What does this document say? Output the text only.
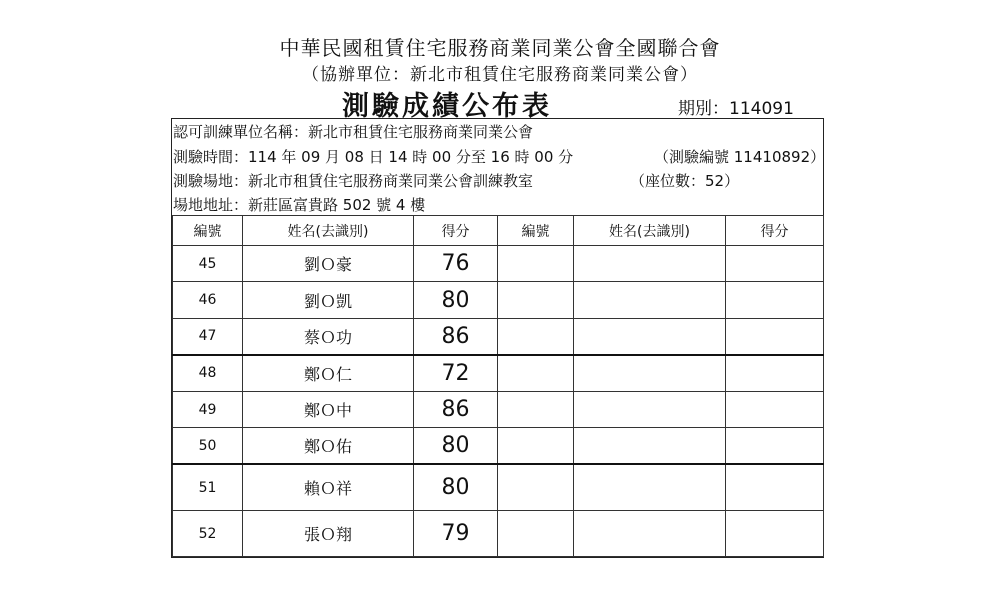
中華民國租賃住宅服務商業同業公會全國聯合會
（協辦單位：新北市租賃住宅服務商業同業公會）
測驗成績公布表	期別：114091
認可訓練單位名稱：新北市租賃住宅服務商業同業公會
測驗時間：114 年 09 月 08 日 14 時 00 分至 16 時 00 分	（測驗編號 11410892）
測驗場地：新北市租賃住宅服務商業同業公會訓練教室	（座位數：52）
場地地址：新莊區富貴路 502 號 4 樓
編號	姓名(去識別)	得分	編號	姓名(去識別)	得分
45	劉Ｏ豪	76			
46	劉Ｏ凱	80			
47	蔡Ｏ功	86			
48	鄭Ｏ仁	72			
49	鄭Ｏ中	86			
50	鄭Ｏ佑	80			
51	賴Ｏ祥	80			
52	張Ｏ翔	79			
